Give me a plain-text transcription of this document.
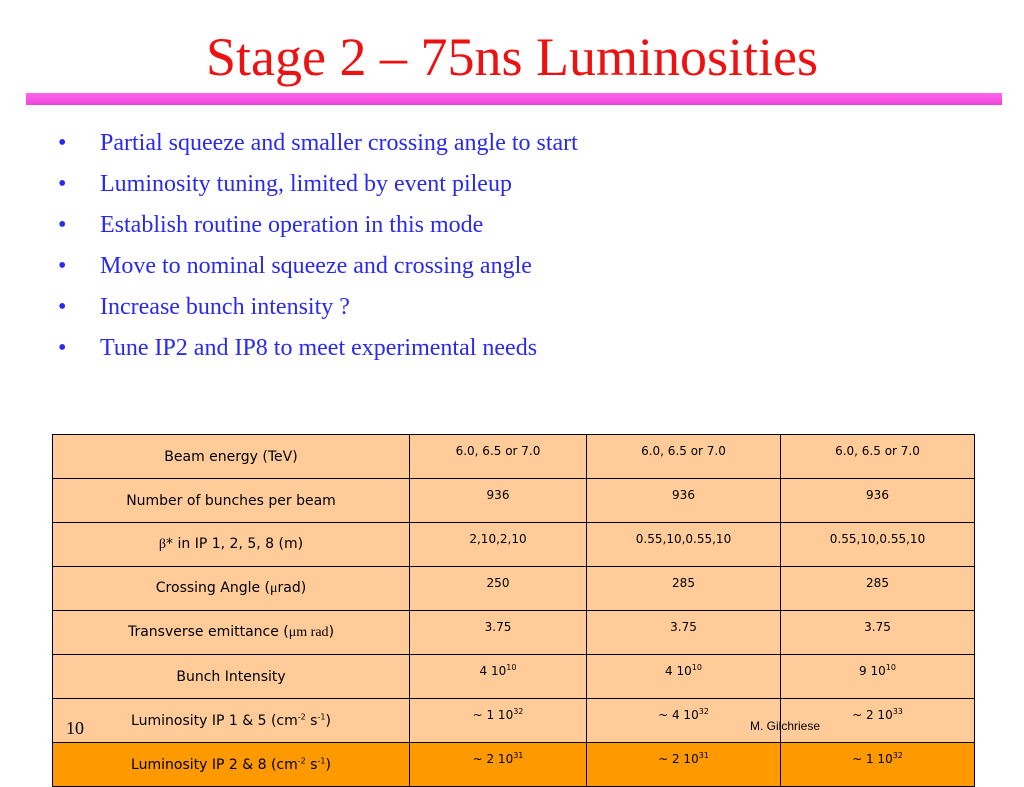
Stage 2 – 75ns Luminosities
•	Partial squeeze and smaller crossing angle to start
•	Luminosity tuning, limited by event pileup
•	Establish routine operation in this mode
•	Move to nominal squeeze and crossing angle
•	Increase bunch intensity ?
•	Tune IP2 and IP8 to meet experimental needs
Beam energy (TeV)	6.0, 6.5 or 7.0	6.0, 6.5 or 7.0	6.0, 6.5 or 7.0
Number of bunches per beam	936	936	936
β* in IP 1, 2, 5, 8 (m)	2,10,2,10	0.55,10,0.55,10	0.55,10,0.55,10
Crossing Angle (μrad)	250	285	285
Transverse emittance (μm rad)	3.75	3.75	3.75
Bunch Intensity	4 $10^{10}$	4 $10^{10}$	9 $10^{10}$
Luminosity IP 1 & 5 ($cm^{-2}$ $s^{-1}$)	~ 1 $10^{32}$	~ 4 $10^{32}$	~ 2 $10^{33}$
Luminosity IP 2 & 8 ($cm^{-2}$ $s^{-1}$)	~ 2 $10^{31}$	~ 2 $10^{31}$	~ 1 $10^{32}$
10	M. Gilchriese
